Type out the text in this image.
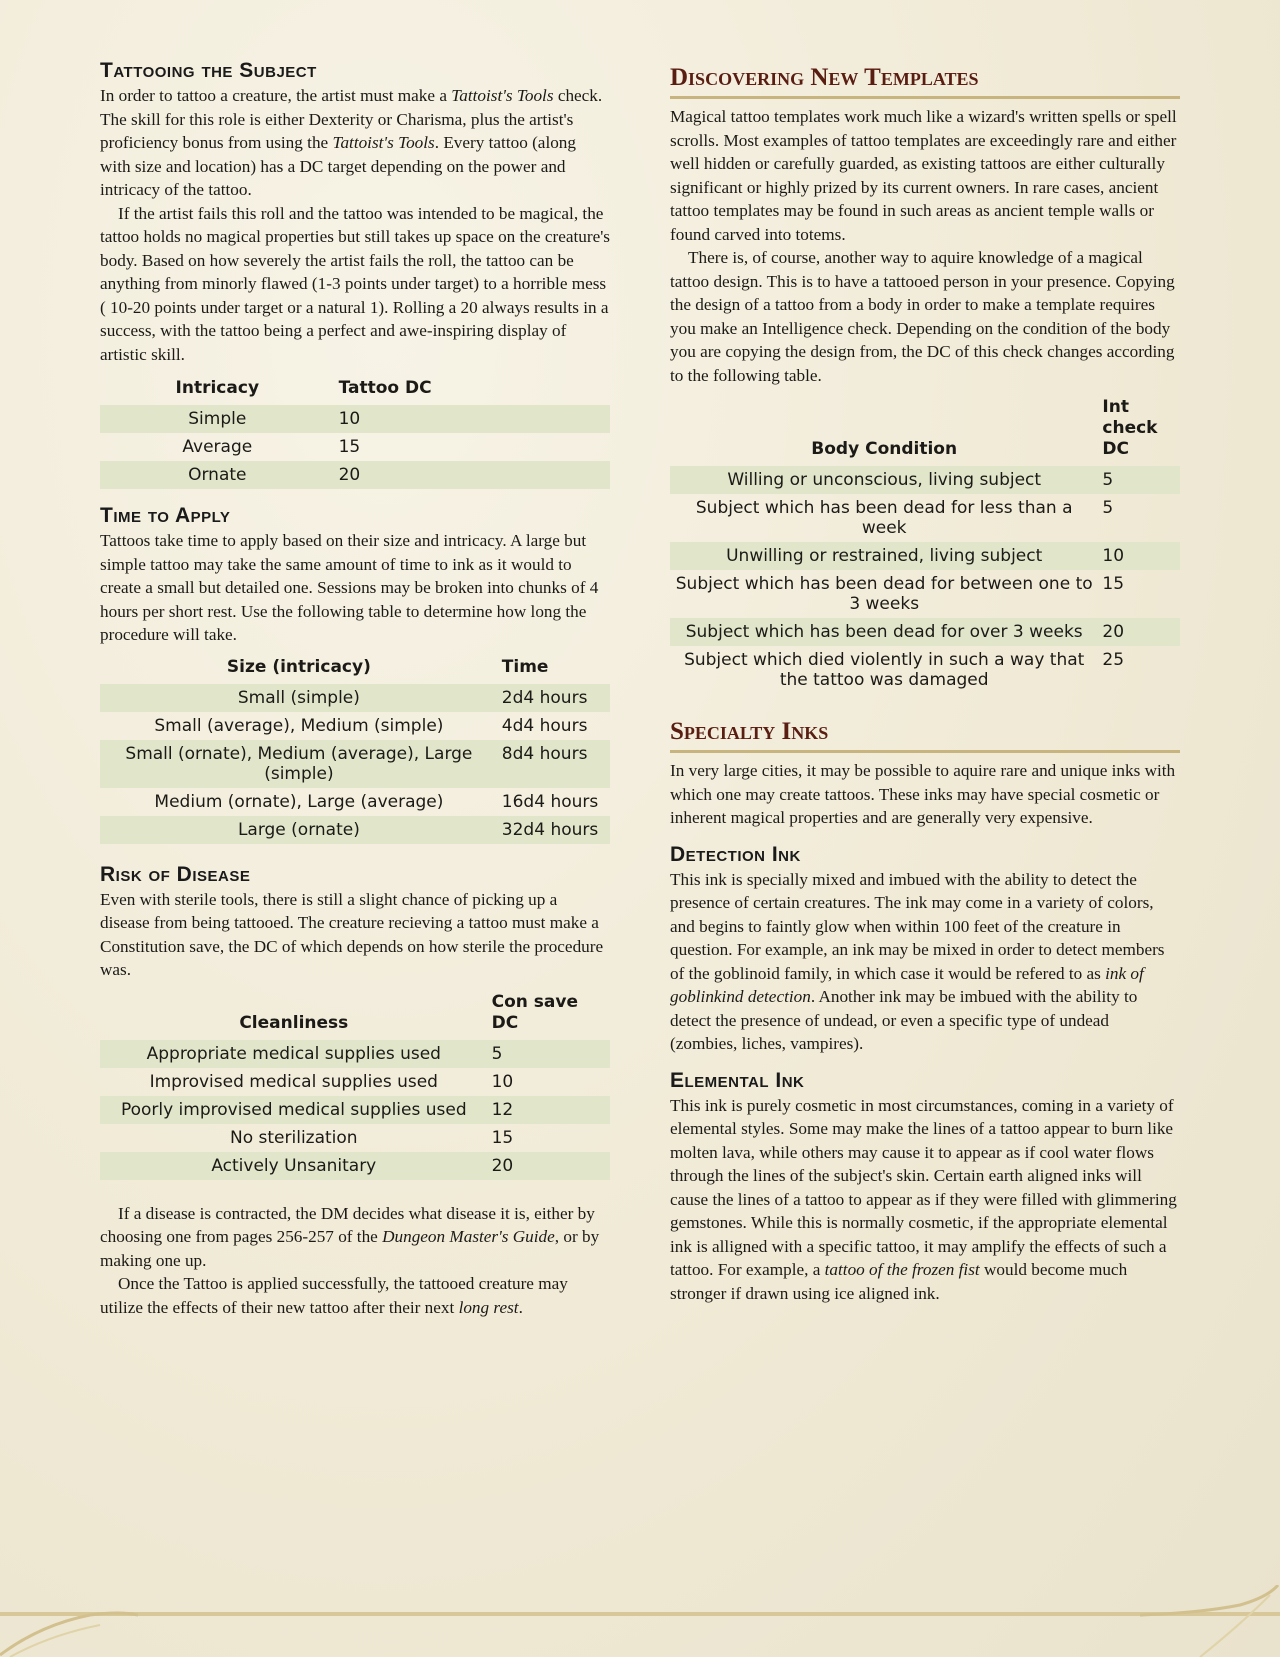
Tattooing the Subject

In order to tattoo a creature, the artist must make a Tattoist's Tools check. The skill for this role is either Dexterity or Charisma, plus the artist's proficiency bonus from using the Tattoist's Tools. Every tattoo (along with size and location) has a DC target depending on the power and intricacy of the tattoo.

If the artist fails this roll and the tattoo was intended to be magical, the tattoo holds no magical properties but still takes up space on the creature's body. Based on how severely the artist fails the roll, the tattoo can be anything from minorly flawed (1-3 points under target) to a horrible mess ( 10-20 points under target or a natural 1). Rolling a 20 always results in a success, with the tattoo being a perfect and awe-inspiring display of artistic skill.

Intricacy	Tattoo DC
Simple	10
Average	15
Ornate	20
Time to Apply

Tattoos take time to apply based on their size and intricacy. A large but simple tattoo may take the same amount of time to ink as it would to create a small but detailed one. Sessions may be broken into chunks of 4 hours per short rest. Use the following table to determine how long the procedure will take.

Size (intricacy)	Time
Small (simple)	2d4 hours
Small (average), Medium (simple)	4d4 hours
Small (ornate), Medium (average), Large (simple)	8d4 hours
Medium (ornate), Large (average)	16d4 hours
Large (ornate)	32d4 hours
Risk of Disease

Even with sterile tools, there is still a slight chance of picking up a disease from being tattooed. The creature recieving a tattoo must make a Constitution save, the DC of which depends on how sterile the procedure was.

Cleanliness	Con save DC
Appropriate medical supplies used	5
Improvised medical supplies used	10
Poorly improvised medical supplies used	12
No sterilization	15
Actively Unsanitary	20

If a disease is contracted, the DM decides what disease it is, either by choosing one from pages 256-257 of the Dungeon Master's Guide, or by making one up.

Once the Tattoo is applied successfully, the tattooed creature may utilize the effects of their new tattoo after their next long rest.

Discovering New Templates

Magical tattoo templates work much like a wizard's written spells or spell scrolls. Most examples of tattoo templates are exceedingly rare and either well hidden or carefully guarded, as existing tattoos are either culturally significant or highly prized by its current owners. In rare cases, ancient tattoo templates may be found in such areas as ancient temple walls or found carved into totems.

There is, of course, another way to aquire knowledge of a magical tattoo design. This is to have a tattooed person in your presence. Copying the design of a tattoo from a body in order to make a template requires you make an Intelligence check. Depending on the condition of the body you are copying the design from, the DC of this check changes according to the following table.

Body Condition	Int check DC
Willing or unconscious, living subject	5
Subject which has been dead for less than a week	5
Unwilling or restrained, living subject	10
Subject which has been dead for between one to 3 weeks	15
Subject which has been dead for over 3 weeks	20
Subject which died violently in such a way that the tattoo was damaged	25
Specialty Inks

In very large cities, it may be possible to aquire rare and unique inks with which one may create tattoos. These inks may have special cosmetic or inherent magical properties and are generally very expensive.

Detection Ink

This ink is specially mixed and imbued with the ability to detect the presence of certain creatures. The ink may come in a variety of colors, and begins to faintly glow when within 100 feet of the creature in question. For example, an ink may be mixed in order to detect members of the goblinoid family, in which case it would be refered to as ink of goblinkind detection. Another ink may be imbued with the ability to detect the presence of undead, or even a specific type of undead (zombies, liches, vampires).

Elemental Ink

This ink is purely cosmetic in most circumstances, coming in a variety of elemental styles. Some may make the lines of a tattoo appear to burn like molten lava, while others may cause it to appear as if cool water flows through the lines of the subject's skin. Certain earth aligned inks will cause the lines of a tattoo to appear as if they were filled with glimmering gemstones. While this is normally cosmetic, if the appropriate elemental ink is alligned with a specific tattoo, it may amplify the effects of such a tattoo. For example, a tattoo of the frozen fist would become much stronger if drawn using ice aligned ink.
